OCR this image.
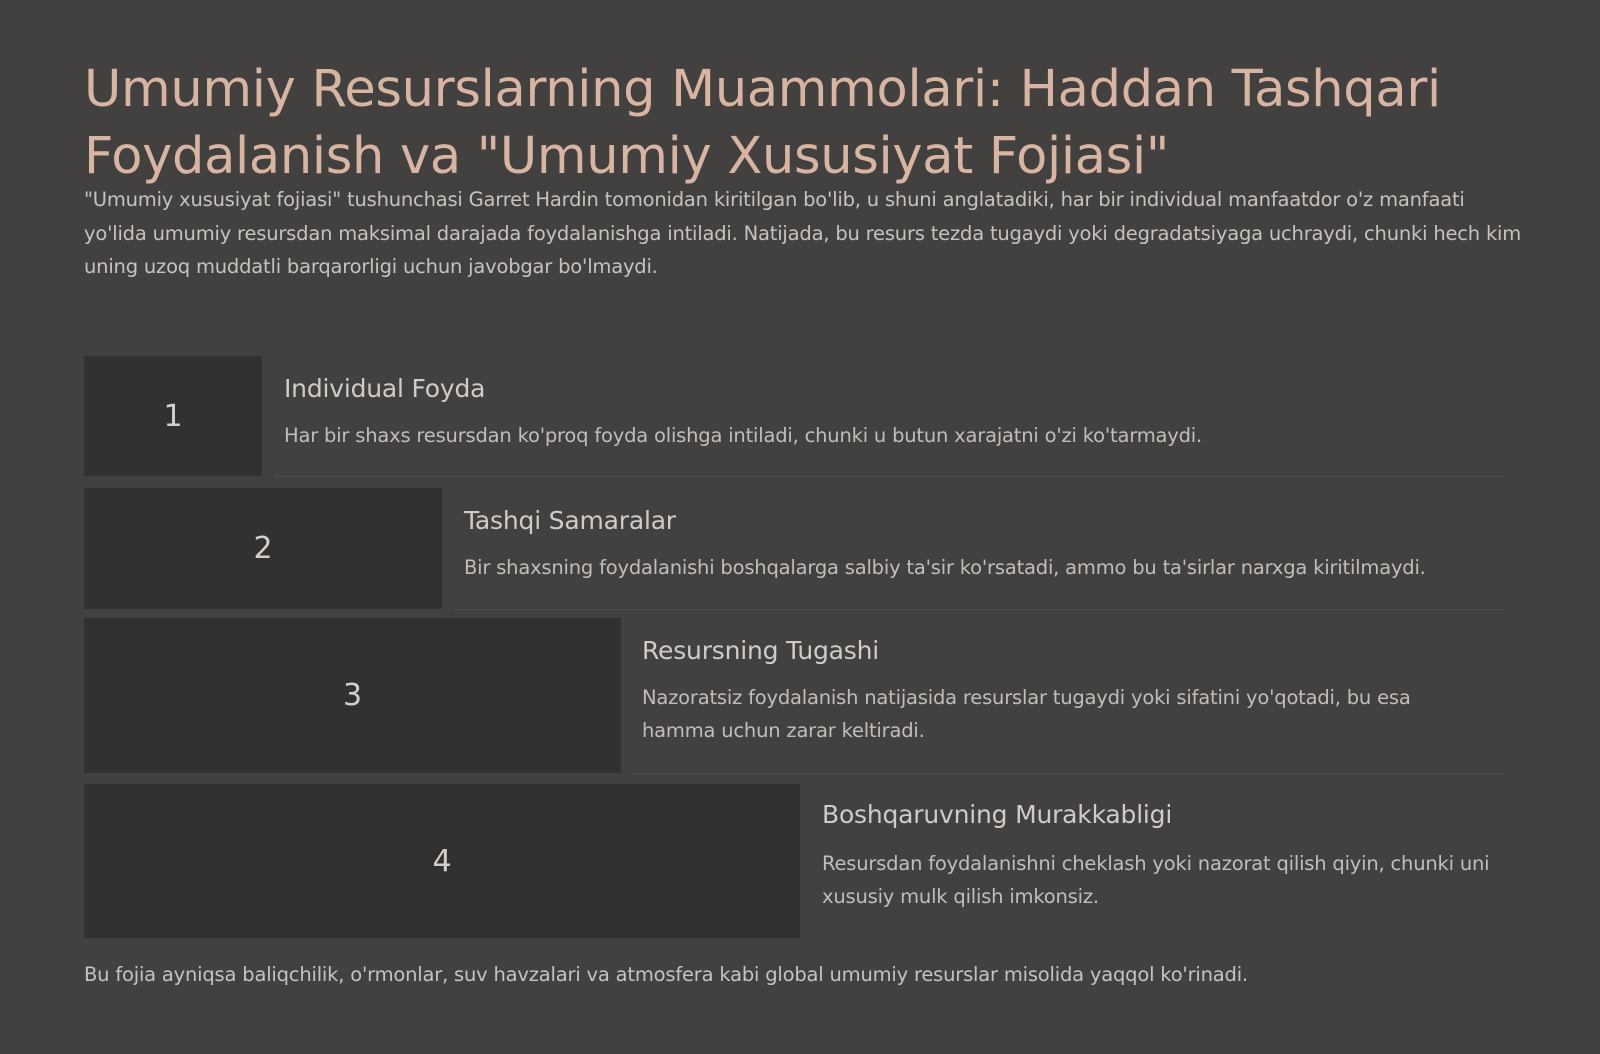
Umumiy Resurslarning Muammolari: Haddan Tashqari Foydalanish va "Umumiy Xususiyat Fojiasi"

"Umumiy xususiyat fojiasi" tushunchasi Garret Hardin tomonidan kiritilgan bo'lib, u shuni anglatadiki, har bir individual manfaatdor o'z manfaati yo'lida umumiy resursdan maksimal darajada foydalanishga intiladi. Natijada, bu resurs tezda tugaydi yoki degradatsiyaga uchraydi, chunki hech kim uning uzoq muddatli barqarorligi uchun javobgar bo'lmaydi.

1
Individual Foyda

Har bir shaxs resursdan ko'proq foyda olishga intiladi, chunki u butun xarajatni o'zi ko'tarmaydi.

2
Tashqi Samaralar

Bir shaxsning foydalanishi boshqalarga salbiy ta'sir ko'rsatadi, ammo bu ta'sirlar narxga kiritilmaydi.

3
Resursning Tugashi

Nazoratsiz foydalanish natijasida resurslar tugaydi yoki sifatini yo'qotadi, bu esa hamma uchun zarar keltiradi.

4
Boshqaruvning Murakkabligi

Resursdan foydalanishni cheklash yoki nazorat qilish qiyin, chunki uni xususiy mulk qilish imkonsiz.

Bu fojia ayniqsa baliqchilik, o'rmonlar, suv havzalari va atmosfera kabi global umumiy resurslar misolida yaqqol ko'rinadi.
